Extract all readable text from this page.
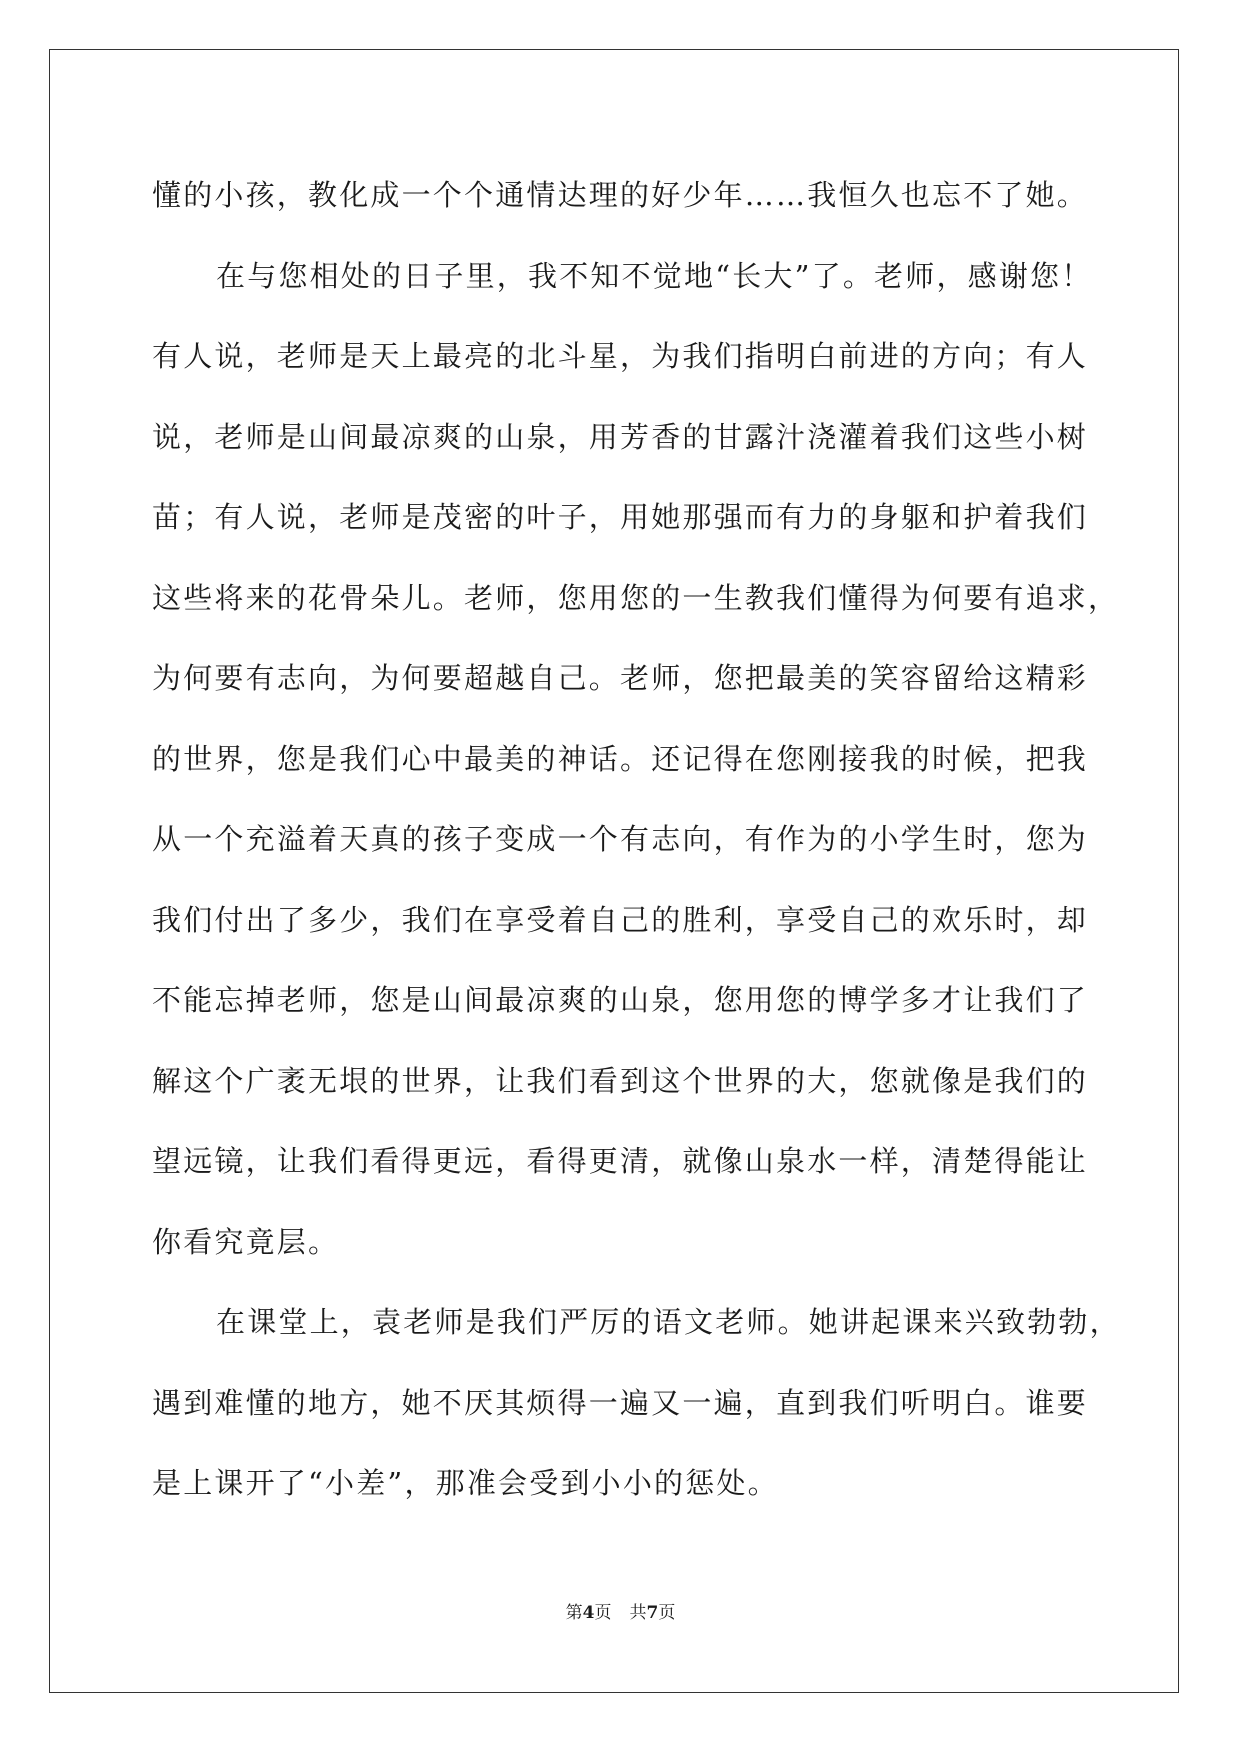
懂的小孩，教化成一个个通情达理的好少年……我恒久也忘不了她。
在与您相处的日子里，我不知不觉地“长大”了。老师，感谢您！
有人说，老师是天上最亮的北斗星，为我们指明白前进的方向；有人
说，老师是山间最凉爽的山泉，用芳香的甘露汁浇灌着我们这些小树
苗；有人说，老师是茂密的叶子，用她那强而有力的身躯和护着我们
这些将来的花骨朵儿。老师，您用您的一生教我们懂得为何要有追求，
为何要有志向，为何要超越自己。老师，您把最美的笑容留给这精彩
的世界，您是我们心中最美的神话。还记得在您刚接我的时候，把我
从一个充溢着天真的孩子变成一个有志向，有作为的小学生时，您为
我们付出了多少，我们在享受着自己的胜利，享受自己的欢乐时，却
不能忘掉老师，您是山间最凉爽的山泉，您用您的博学多才让我们了
解这个广袤无垠的世界，让我们看到这个世界的大，您就像是我们的
望远镜，让我们看得更远，看得更清，就像山泉水一样，清楚得能让
你看究竟层。
在课堂上，袁老师是我们严厉的语文老师。她讲起课来兴致勃勃，
遇到难懂的地方，她不厌其烦得一遍又一遍，直到我们听明白。谁要
是上课开了“小差”，那准会受到小小的惩处。
第4页 共7页
